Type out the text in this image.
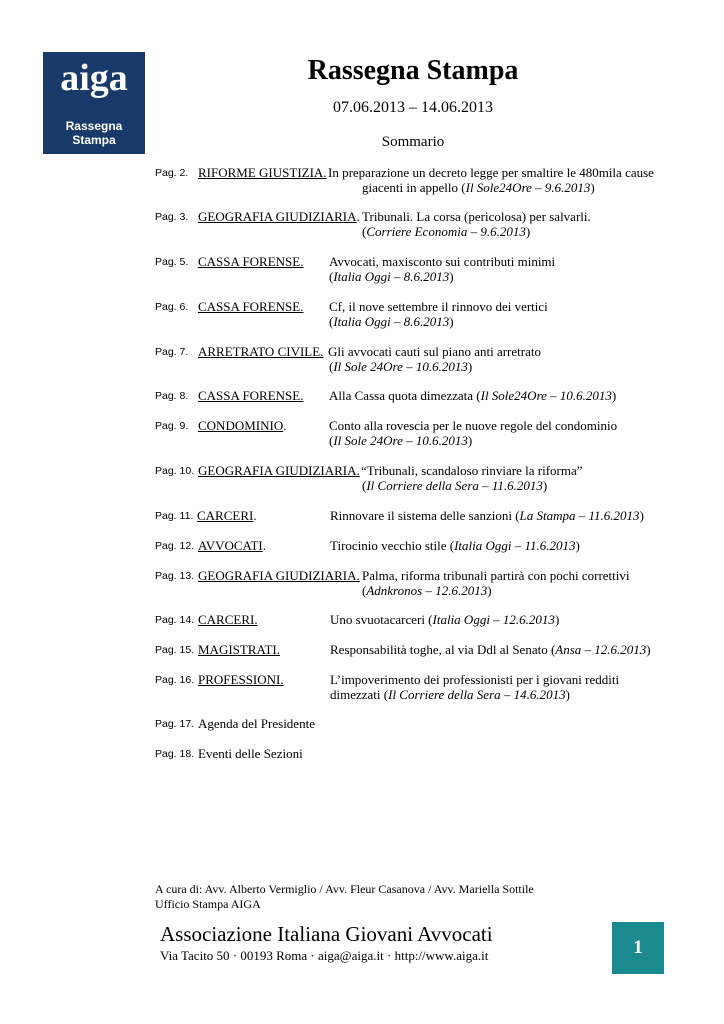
aiga
Rassegna
Stampa
Rassegna Stampa
07.06.2013 – 14.06.2013
Sommario
Pag. 2. RIFORME GIUSTIZIA. In preparazione un decreto legge per smaltire le 480mila cause
giacenti in appello (Il Sole24Ore – 9.6.2013)
Pag. 3. GEOGRAFIA GIUDIZIARIA. Tribunali. La corsa (pericolosa) per salvarli.
(Corriere Economia – 9.6.2013)
Pag. 5. CASSA FORENSE. Avvocati, maxisconto sui contributi minimi
(Italia Oggi – 8.6.2013)
Pag. 6. CASSA FORENSE. Cf, il nove settembre il rinnovo dei vertici
(Italia Oggi – 8.6.2013)
Pag. 7. ARRETRATO CIVILE. Gli avvocati cauti sul piano anti arretrato
(Il Sole 24Ore – 10.6.2013)
Pag. 8. CASSA FORENSE. Alla Cassa quota dimezzata (Il Sole24Ore – 10.6.2013)
Pag. 9. CONDOMINIO.	Conto alla rovescia per le nuove regole del condominio
(Il Sole 24Ore – 10.6.2013)
Pag. 10. GEOGRAFIA GIUDIZIARIA. “Tribunali, scandaloso rinviare la riforma”
(Il Corriere della Sera – 11.6.2013)
Pag. 11. CARCERI.	Rinnovare il sistema delle sanzioni (La Stampa – 11.6.2013)
Pag. 12. AVVOCATI.	Tirocinio vecchio stile (Italia Oggi – 11.6.2013)
Pag. 13. GEOGRAFIA GIUDIZIARIA. Palma, riforma tribunali partirà con pochi correttivi
(Adnkronos – 12.6.2013)
Pag. 14. CARCERI.	Uno svuotacarceri (Italia Oggi – 12.6.2013)
Pag. 15. MAGISTRATI.	Responsabilità toghe, al via Ddl al Senato (Ansa – 12.6.2013)
Pag. 16. PROFESSIONI.	L’impoverimento dei professionisti per i giovani redditi
dimezzati (Il Corriere della Sera – 14.6.2013)
Pag. 17. Agenda del Presidente
Pag. 18. Eventi delle Sezioni
A cura di: Avv. Alberto Vermiglio / Avv. Fleur Casanova / Avv. Mariella Sottile
Ufficio Stampa AIGA
Associazione Italiana Giovani Avvocati
Via Tacito 50 · 00193 Roma · aiga@aiga.it · http://www.aiga.it	1
